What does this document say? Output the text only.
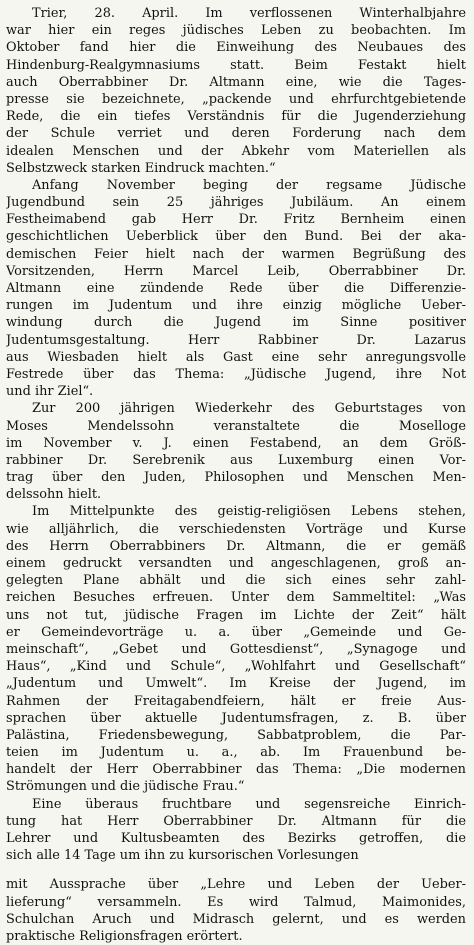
Trier, 28. April. Im verflossenen Winterhalbjahre
war hier ein reges jüdisches Leben zu beobachten. Im
Oktober fand hier die Einweihung des Neubaues des
Hindenburg-Realgymnasiums statt. Beim Festakt hielt
auch Oberrabbiner Dr. Altmann eine, wie die Tages-
presse sie bezeichnete, „packende und ehrfurchtgebietende
Rede, die ein tiefes Verständnis für die Jugenderziehung
der Schule verriet und deren Forderung nach dem
idealen Menschen und der Abkehr vom Materiellen als
Selbstzweck starken Eindruck machten.“
Anfang November beging der regsame Jüdische
Jugendbund sein 25 jähriges Jubiläum. An einem
Festheimabend gab Herr Dr. Fritz Bernheim einen
geschichtlichen Ueberblick über den Bund. Bei der aka-
demischen Feier hielt nach der warmen Begrüßung des
Vorsitzenden, Herrn Marcel Leib, Oberrabbiner Dr.
Altmann eine zündende Rede über die Differenzie-
rungen im Judentum und ihre einzig mögliche Ueber-
windung durch die Jugend im Sinne positiver
Judentumsgestaltung. Herr Rabbiner Dr. Lazarus
aus Wiesbaden hielt als Gast eine sehr anregungsvolle
Festrede über das Thema: „Jüdische Jugend, ihre Not
und ihr Ziel“.
Zur 200 jährigen Wiederkehr des Geburtstages von
Moses Mendelssohn veranstaltete die Moselloge
im November v. J. einen Festabend, an dem Größ-
rabbiner Dr. Serebrenik aus Luxemburg einen Vor-
trag über den Juden, Philosophen und Menschen Men-
delssohn hielt.
Im Mittelpunkte des geistig-religiösen Lebens stehen,
wie alljährlich, die verschiedensten Vorträge und Kurse
des Herrn Oberrabbiners Dr. Altmann, die er gemäß
einem gedruckt versandten und angeschlagenen, groß an-
gelegten Plane abhält und die sich eines sehr zahl-
reichen Besuches erfreuen. Unter dem Sammeltitel: „Was
uns not tut, jüdische Fragen im Lichte der Zeit“ hält
er Gemeindevorträge u. a. über „Gemeinde und Ge-
meinschaft“, „Gebet und Gottesdienst“, „Synagoge und
Haus“, „Kind und Schule“, „Wohlfahrt und Gesellschaft“
„Judentum und Umwelt“. Im Kreise der Jugend, im
Rahmen der Freitagabendfeiern, hält er freie Aus-
sprachen über aktuelle Judentumsfragen, z. B. über
Palästina, Friedensbewegung, Sabbatproblem, die Par-
teien im Judentum u. a., ab. Im Frauenbund be-
handelt der Herr Oberrabbiner das Thema: „Die modernen
Strömungen und die jüdische Frau.“
Eine überaus fruchtbare und segensreiche Einrich-
tung hat Herr Oberrabbiner Dr. Altmann für die
Lehrer und Kultusbeamten des Bezirks getroffen, die
sich alle 14 Tage um ihn zu kursorischen Vorlesungen
mit Aussprache über „Lehre und Leben der Ueber-
lieferung“ versammeln. Es wird Talmud, Maimonides,
Schulchan Aruch und Midrasch gelernt, und es werden
praktische Religionsfragen erörtert.
